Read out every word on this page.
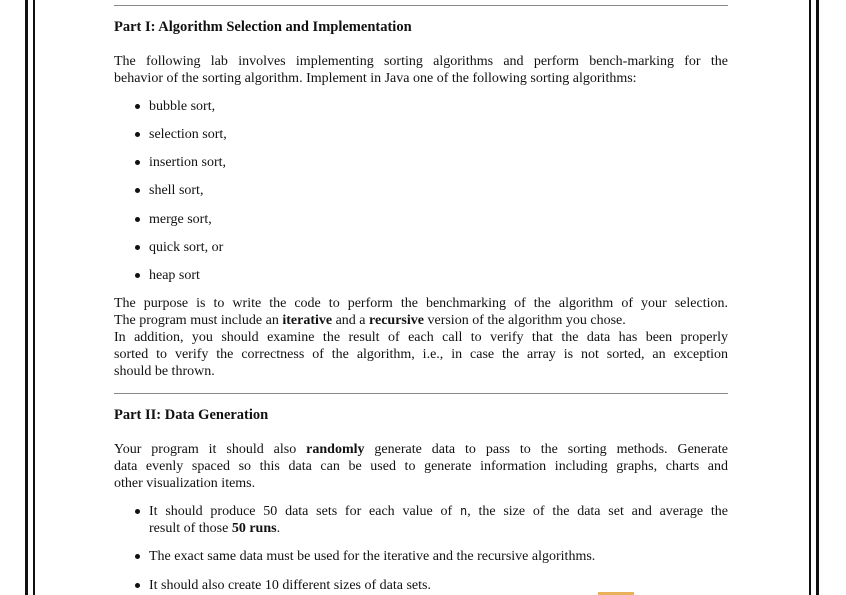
Part I: Algorithm Selection and Implementation

The following lab involves implementing sorting algorithms and perform bench-marking for the
behavior of the sorting algorithm. Implement in Java one of the following sorting algorithms:

bubble sort,
selection sort,
insertion sort,
shell sort,
merge sort,
quick sort, or
heap sort

The purpose is to write the code to perform the benchmarking of the algorithm of your selection.
The program must include an iterative and a recursive version of the algorithm you chose.
In addition, you should examine the result of each call to verify that the data has been properly
sorted to verify the correctness of the algorithm, i.e., in case the array is not sorted, an exception
should be thrown.

Part II: Data Generation

Your program it should also randomly generate data to pass to the sorting methods. Generate
data evenly spaced so this data can be used to generate information including graphs, charts and
other visualization items.

It should produce 50 data sets for each value of n, the size of the data set and average the
result of those 50 runs.
The exact same data must be used for the iterative and the recursive algorithms.
It should also create 10 different sizes of data sets.
